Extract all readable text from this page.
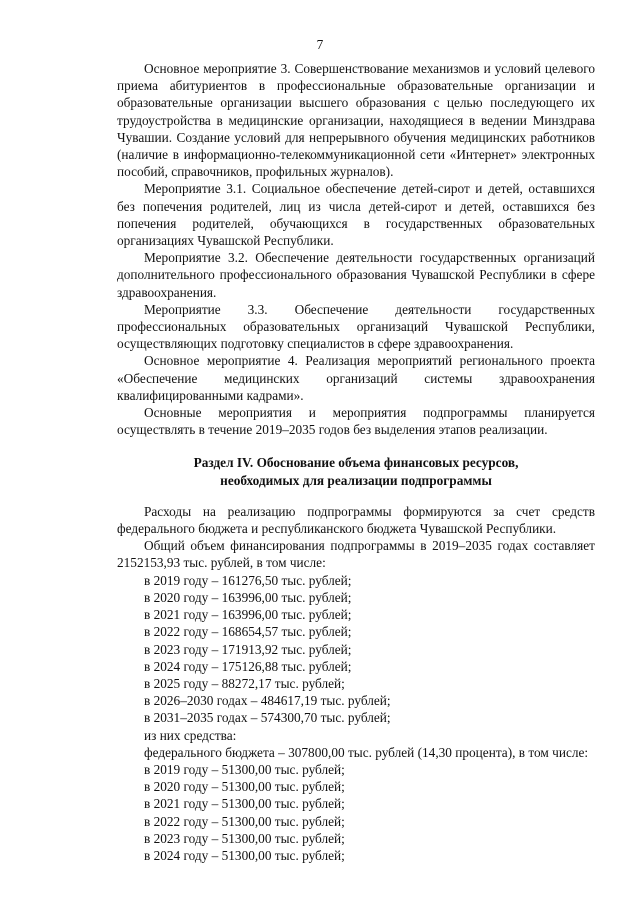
7

Основное мероприятие 3. Совершенствование механизмов и условий целевого приема абитуриентов в профессиональные образовательные организации и образовательные организации высшего образования с целью последующего их трудоустройства в медицинские организации, находящиеся в ведении Минздрава Чувашии. Создание условий для непрерывного обучения медицинских работников (наличие в информационно-телекоммуникационной сети «Интернет» электронных пособий, справочников, профильных журналов).

Мероприятие 3.1. Социальное обеспечение детей-сирот и детей, оставшихся без попечения родителей, лиц из числа детей-сирот и детей, оставшихся без попечения родителей, обучающихся в государственных образовательных организациях Чувашской Республики.

Мероприятие 3.2. Обеспечение деятельности государственных организаций дополнительного профессионального образования Чувашской Республики в сфере здравоохранения.

Мероприятие 3.3. Обеспечение деятельности государственных профессиональных образовательных организаций Чувашской Республики, осуществляющих подготовку специалистов в сфере здравоохранения.

Основное мероприятие 4. Реализация мероприятий регионального проекта «Обеспечение медицинских организаций системы здравоохранения квалифицированными кадрами».

Основные мероприятия и мероприятия подпрограммы планируется осуществлять в течение 2019–2035 годов без выделения этапов реализации.

Раздел IV. Обоснование объема финансовых ресурсов,
необходимых для реализации подпрограммы

Расходы на реализацию подпрограммы формируются за счет средств федерального бюджета и республиканского бюджета Чувашской Республики.

Общий объем финансирования подпрограммы в 2019–2035 годах составляет 2152153,93 тыс. рублей, в том числе:

в 2019 году – 161276,50 тыс. рублей;

в 2020 году – 163996,00 тыс. рублей;

в 2021 году – 163996,00 тыс. рублей;

в 2022 году – 168654,57 тыс. рублей;

в 2023 году – 171913,92 тыс. рублей;

в 2024 году – 175126,88 тыс. рублей;

в 2025 году – 88272,17 тыс. рублей;

в 2026–2030 годах – 484617,19 тыс. рублей;

в 2031–2035 годах – 574300,70 тыс. рублей;

из них средства:

федерального бюджета – 307800,00 тыс. рублей (14,30 процента), в том числе:

в 2019 году – 51300,00 тыс. рублей;

в 2020 году – 51300,00 тыс. рублей;

в 2021 году – 51300,00 тыс. рублей;

в 2022 году – 51300,00 тыс. рублей;

в 2023 году – 51300,00 тыс. рублей;

в 2024 году – 51300,00 тыс. рублей;
